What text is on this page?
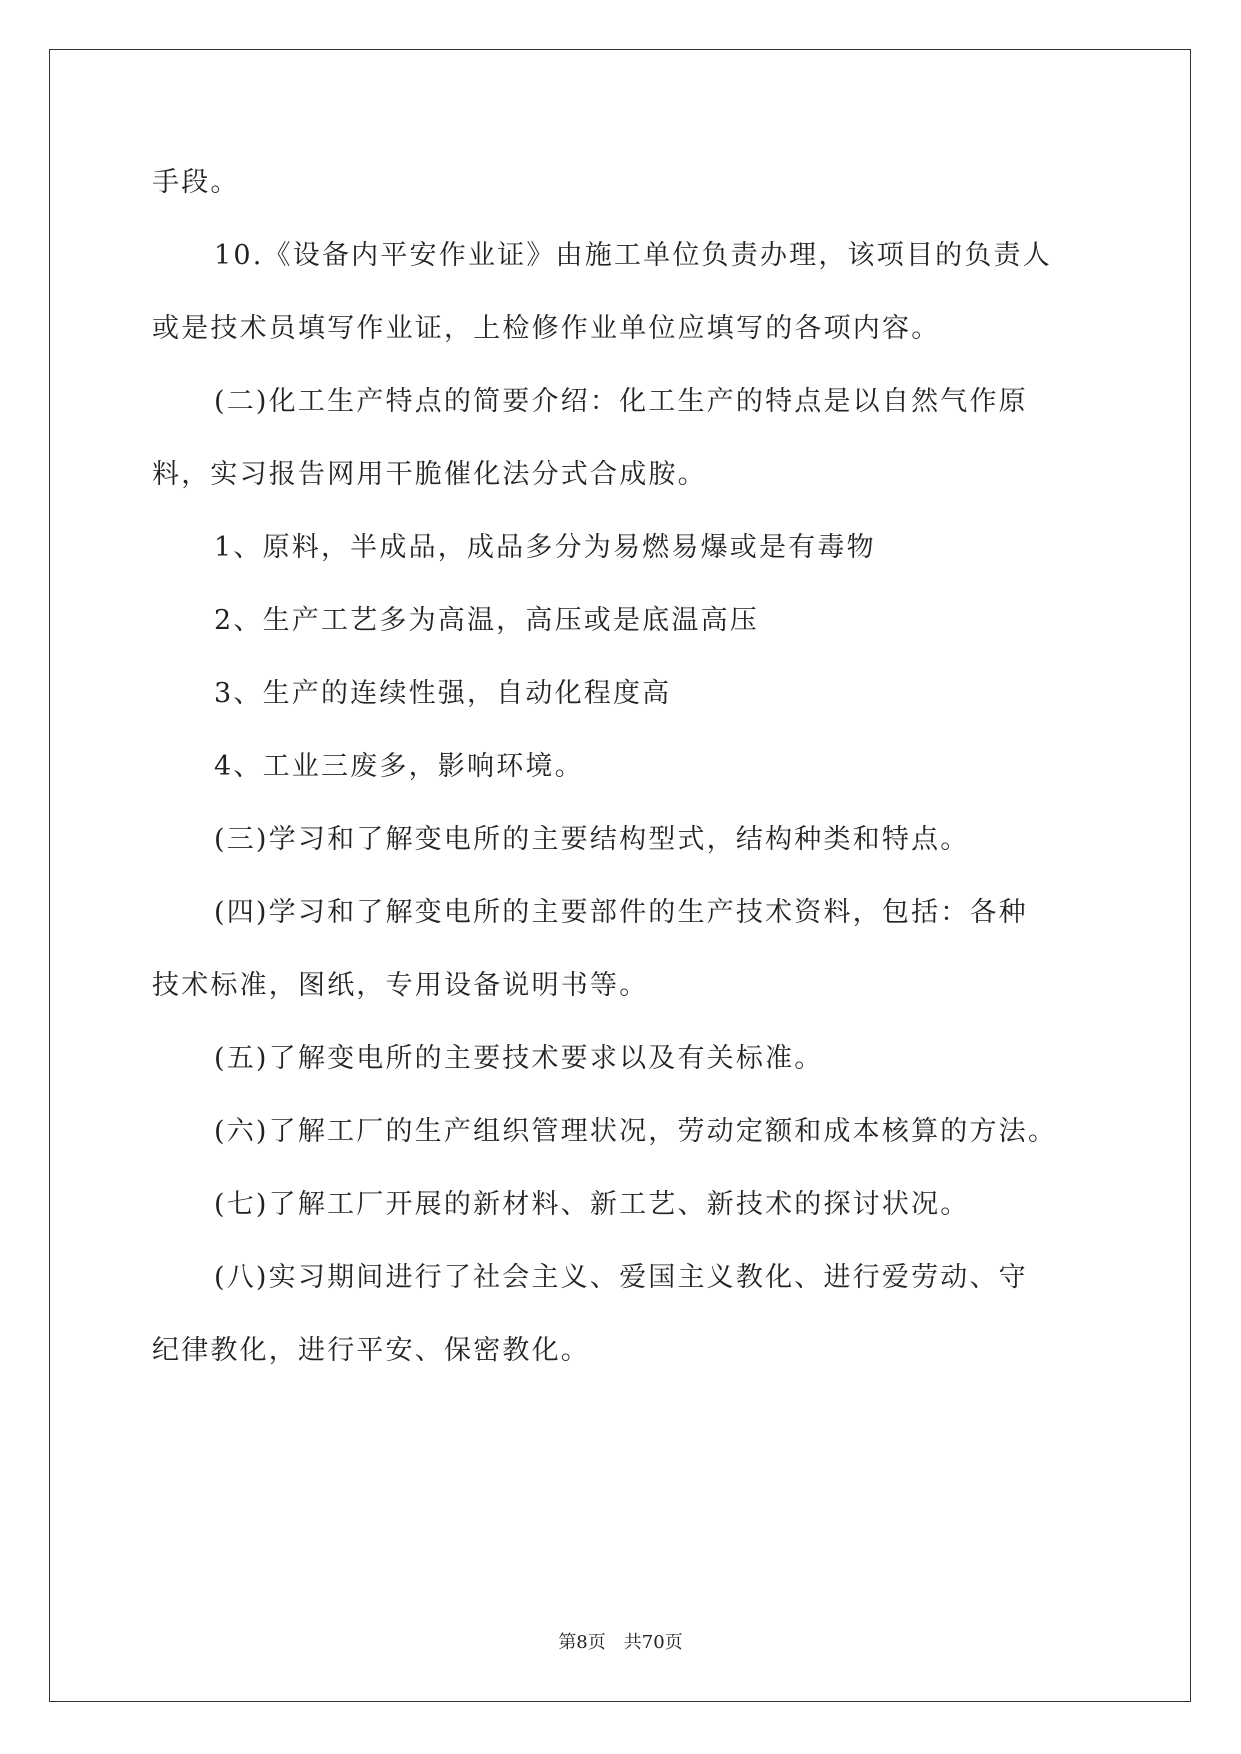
手段。
10.《设备内平安作业证》由施工单位负责办理，该项目的负责人
或是技术员填写作业证，上检修作业单位应填写的各项内容。
(二)化工生产特点的简要介绍：化工生产的特点是以自然气作原
料，实习报告网用干脆催化法分式合成胺。
1、原料，半成品，成品多分为易燃易爆或是有毒物
2、生产工艺多为高温，高压或是底温高压
3、生产的连续性强，自动化程度高
4、工业三废多，影响环境。
(三)学习和了解变电所的主要结构型式，结构种类和特点。
(四)学习和了解变电所的主要部件的生产技术资料，包括：各种
技术标准，图纸，专用设备说明书等。
(五)了解变电所的主要技术要求以及有关标准。
(六)了解工厂的生产组织管理状况，劳动定额和成本核算的方法。
(七)了解工厂开展的新材料、新工艺、新技术的探讨状况。
(八)实习期间进行了社会主义、爱国主义教化、进行爱劳动、守
纪律教化，进行平安、保密教化。
第8页 共70页
